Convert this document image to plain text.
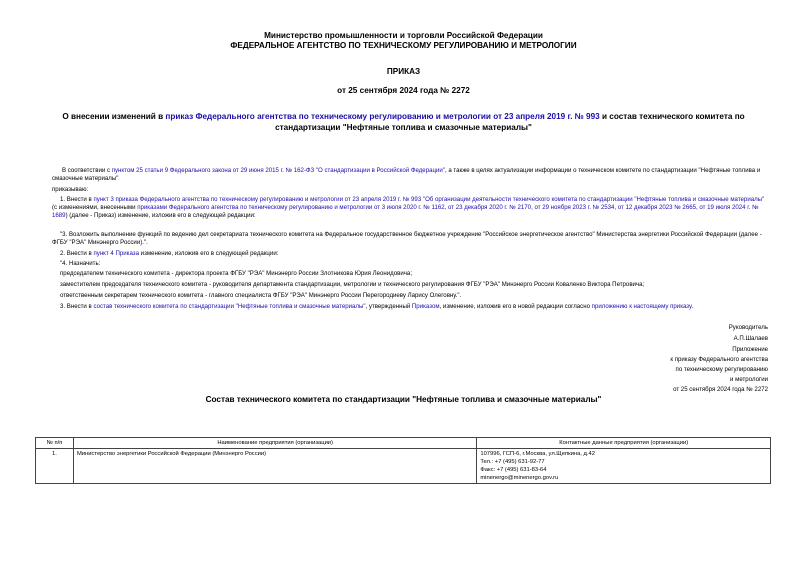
Министерство промышленности и торговли Российской Федерации
ФЕДЕРАЛЬНОЕ АГЕНТСТВО ПО ТЕХНИЧЕСКОМУ РЕГУЛИРОВАНИЮ И МЕТРОЛОГИИ
ПРИКАЗ
от 25 сентября 2024 года № 2272
О внесении изменений в приказ Федерального агентства по техническому регулированию и метрологии от 23 апреля 2019 г. № 993 и состав технического комитета по стандартизации "Нефтяные топлива и смазочные материалы"
В соответствии с пунктом 25 статьи 9 Федерального закона от 29 июня 2015 г. № 162-ФЗ "О стандартизации в Российской Федерации", а также в целях актуализации информации о техническом комитете по стандартизации "Нефтяные топлива и смазочные материалы"
приказываю:
1. Внести в пункт 3 приказа Федерального агентства по техническому регулированию и метрологии от 23 апреля 2019 г. № 993 "Об организации деятельности технического комитета по стандартизации "Нефтяные топлива и смазочные материалы" (с изменениями, внесенными приказами Федерального агентства по техническому регулированию и метрологии от 3 июля 2020 г. № 1162, от 23 декабря 2020 г. № 2170, от 29 ноября 2023 г. № 2534, от 12 декабря 2023 № 2665, от 19 июля 2024 г. № 1689) (далее - Приказ) изменение, изложив его в следующей редакции:
"3. Возложить выполнение функций по ведению дел секретариата технического комитета на Федеральное государственное бюджетное учреждение "Российское энергетическое агентство" Министерства энергетики Российской Федерации (далее - ФГБУ "РЭА" Минэнерго России).".
2. Внести в пункт 4 Приказа изменение, изложив его в следующей редакции:
"4. Назначить:
председателем технического комитета - директора проекта ФГБУ "РЭА" Минэнерго России Злотникова Юрия Леонидовича;
заместителем председателя технического комитета - руководителя департамента стандартизации, метрологии и технического регулирования ФГБУ "РЭА" Минэнерго России Коваленко Виктора Петровича;
ответственным секретарем технического комитета - главного специалиста ФГБУ "РЭА" Минэнерго России Перегородиеву Ларису Олеговну.".
3. Внести в состав технического комитета по стандартизации "Нефтяные топлива и смазочные материалы", утвержденный Приказом, изменение, изложив его в новой редакции согласно приложению к настоящему приказу.
Руководитель
А.П.Шалаев
Приложение
к приказу Федерального агентства
по техническому регулированию
и метрологии
от 25 сентября 2024 года № 2272
Состав технического комитета по стандартизации "Нефтяные топлива и смазочные материалы"
№ п/п	Наименование предприятия (организации)	Контактные данные предприятия (организации)
1.	Министерство энергетики Российской Федерации (Минэнерго России)	107996, ГСП-6, г.Москва, ул.Щепкина, д.42
Тел.: +7 (495) 631-92-77
Факс: +7 (495) 631-83-64
minenergo@minenergo.gov.ru
